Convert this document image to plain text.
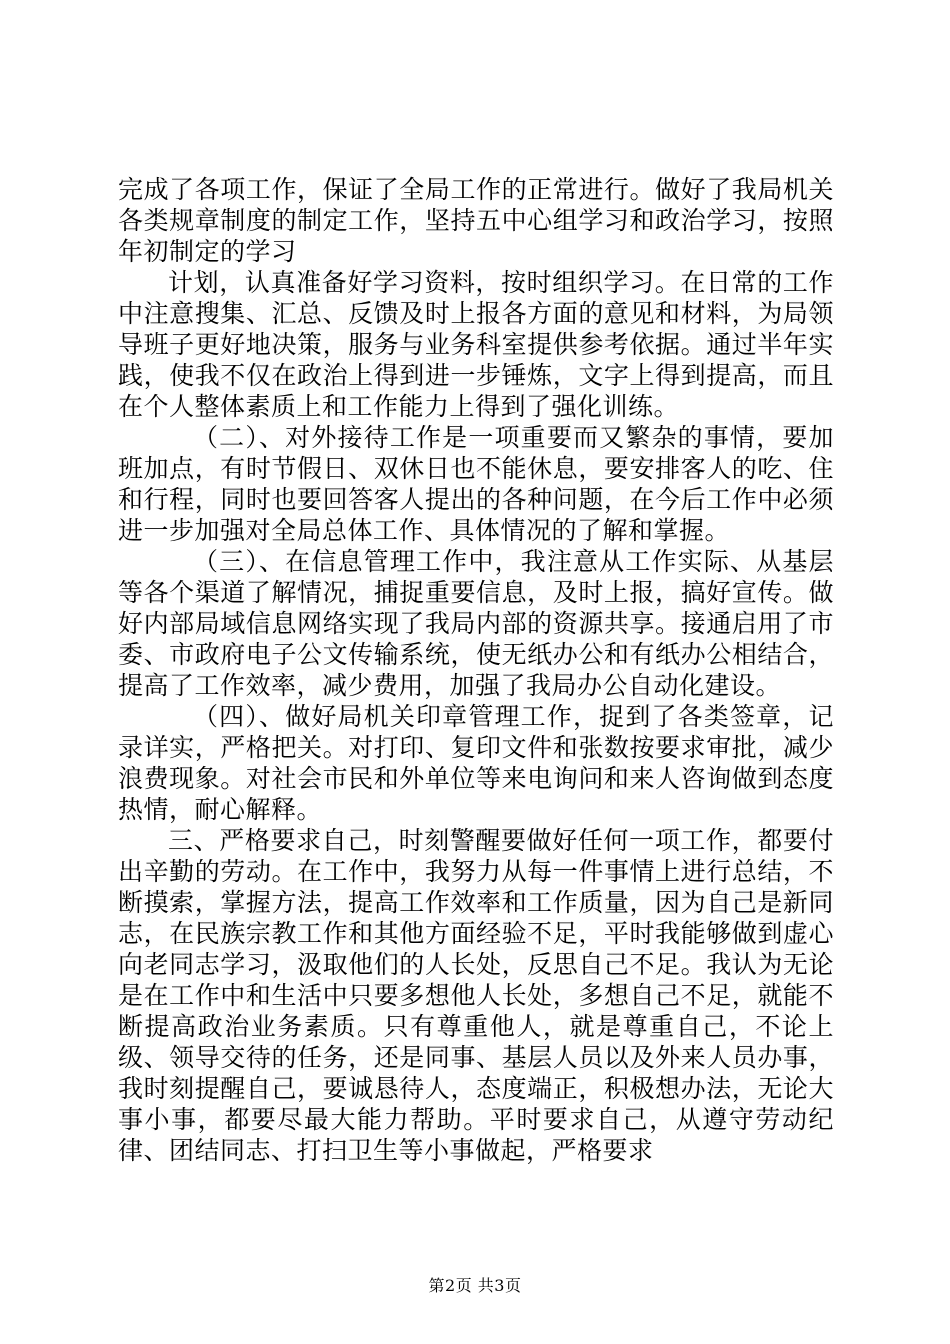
完成了各项工作，保证了全局工作的正常进行。做好了我局机关各类规章制度的制定工作，坚持五中心组学习和政治学习，按照年初制定的学习

计划，认真准备好学习资料，按时组织学习。在日常的工作中注意搜集、汇总、反馈及时上报各方面的意见和材料，为局领导班子更好地决策，服务与业务科室提供参考依据。通过半年实践，使我不仅在政治上得到进一步锤炼，文字上得到提高，而且在个人整体素质上和工作能力上得到了强化训练。

（二）、对外接待工作是一项重要而又繁杂的事情，要加班加点，有时节假日、双休日也不能休息，要安排客人的吃、住和行程，同时也要回答客人提出的各种问题，在今后工作中必须进一步加强对全局总体工作、具体情况的了解和掌握。

（三）、在信息管理工作中，我注意从工作实际、从基层等各个渠道了解情况，捕捉重要信息，及时上报，搞好宣传。做好内部局域信息网络实现了我局内部的资源共享。接通启用了市委、市政府电子公文传输系统，使无纸办公和有纸办公相结合，提高了工作效率，减少费用，加强了我局办公自动化建设。

（四）、做好局机关印章管理工作，捉到了各类签章，记录详实，严格把关。对打印、复印文件和张数按要求审批，减少浪费现象。对社会市民和外单位等来电询问和来人咨询做到态度热情，耐心解释。

三、严格要求自己，时刻警醒要做好任何一项工作，都要付出辛勤的劳动。在工作中，我努力从每一件事情上进行总结，不断摸索，掌握方法，提高工作效率和工作质量，因为自己是新同志，在民族宗教工作和其他方面经验不足，平时我能够做到虚心向老同志学习，汲取他们的人长处，反思自己不足。我认为无论是在工作中和生活中只要多想他人长处，多想自己不足，就能不断提高政治业务素质。只有尊重他人，就是尊重自己，不论上级、领导交待的任务，还是同事、基层人员以及外来人员办事，我时刻提醒自己，要诚恳待人，态度端正，积极想办法，无论大事小事，都要尽最大能力帮助。平时要求自己，从遵守劳动纪律、团结同志、打扫卫生等小事做起，严格要求

第2页 共3页
